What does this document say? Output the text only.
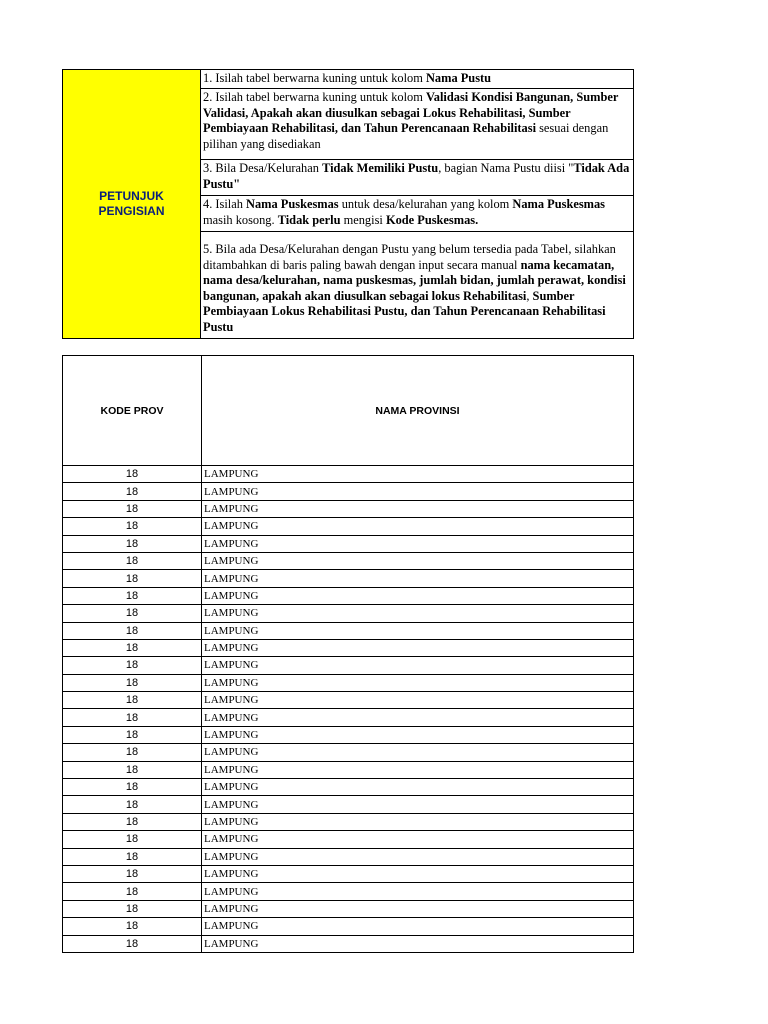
PETUNJUK
PENGISIAN
1. Isilah tabel berwarna kuning untuk kolom Nama Pustu
2. Isilah tabel berwarna kuning untuk kolom Validasi Kondisi Bangunan, Sumber Validasi, Apakah akan diusulkan sebagai Lokus Rehabilitasi, Sumber Pembiayaan Rehabilitasi, dan Tahun Perencanaan Rehabilitasi sesuai dengan pilihan yang disediakan
3. Bila Desa/Kelurahan Tidak Memiliki Pustu, bagian Nama Pustu diisi "Tidak Ada Pustu"
4. Isilah Nama Puskesmas untuk desa/kelurahan yang kolom Nama Puskesmas masih kosong. Tidak perlu mengisi Kode Puskesmas.
5. Bila ada Desa/Kelurahan dengan Pustu yang belum tersedia pada Tabel, silahkan ditambahkan di baris paling bawah dengan input secara manual nama kecamatan, nama desa/kelurahan, nama puskesmas, jumlah bidan, jumlah perawat, kondisi bangunan, apakah akan diusulkan sebagai lokus Rehabilitasi, Sumber Pembiayaan Lokus Rehabilitasi Pustu, dan Tahun Perencanaan Rehabilitasi Pustu
KODE PROV	NAMA PROVINSI
18	LAMPUNG
18	LAMPUNG
18	LAMPUNG
18	LAMPUNG
18	LAMPUNG
18	LAMPUNG
18	LAMPUNG
18	LAMPUNG
18	LAMPUNG
18	LAMPUNG
18	LAMPUNG
18	LAMPUNG
18	LAMPUNG
18	LAMPUNG
18	LAMPUNG
18	LAMPUNG
18	LAMPUNG
18	LAMPUNG
18	LAMPUNG
18	LAMPUNG
18	LAMPUNG
18	LAMPUNG
18	LAMPUNG
18	LAMPUNG
18	LAMPUNG
18	LAMPUNG
18	LAMPUNG
18	LAMPUNG
